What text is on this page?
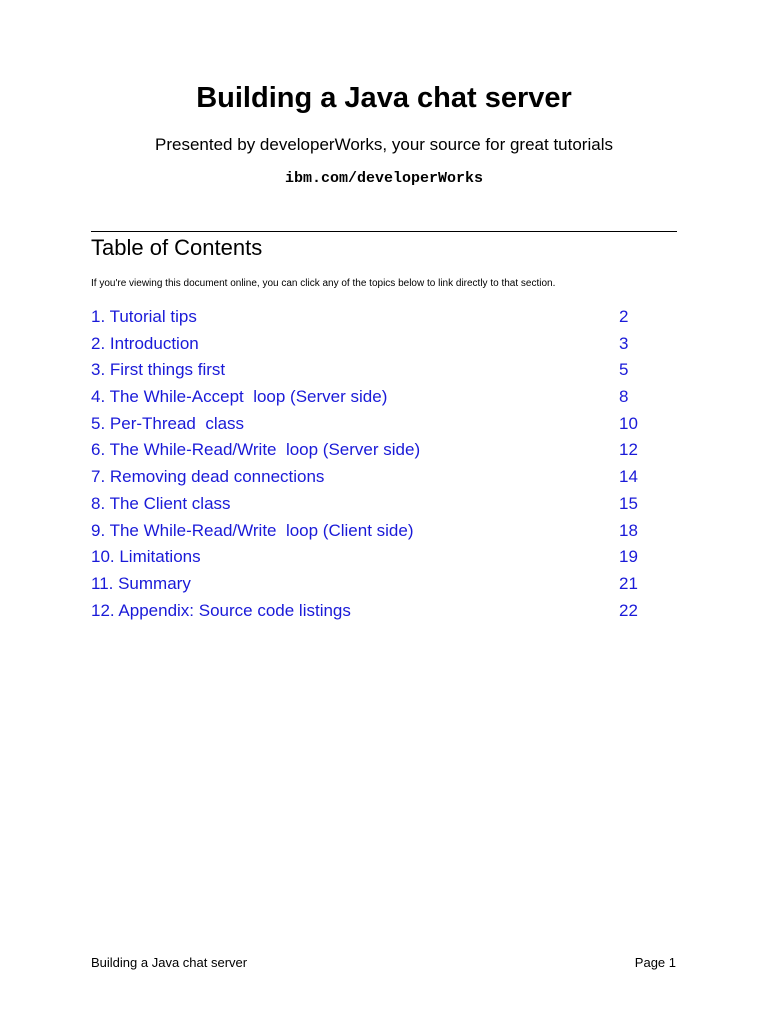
Building a Java chat server
Presented by developerWorks, your source for great tutorials
ibm.com/developerWorks
Table of Contents
If you're viewing this document online, you can click any of the topics below to link directly to that section.
1. Tutorial tips	2
2. Introduction	3
3. First things first	5
4. The While-Accept  loop (Server side)	8
5. Per-Thread  class	10
6. The While-Read/Write  loop (Server side)	12
7. Removing dead connections	14
8. The Client class	15
9. The While-Read/Write  loop (Client side)	18
10. Limitations	19
11. Summary	21
12. Appendix: Source code listings	22
Building a Java chat server	Page 1
